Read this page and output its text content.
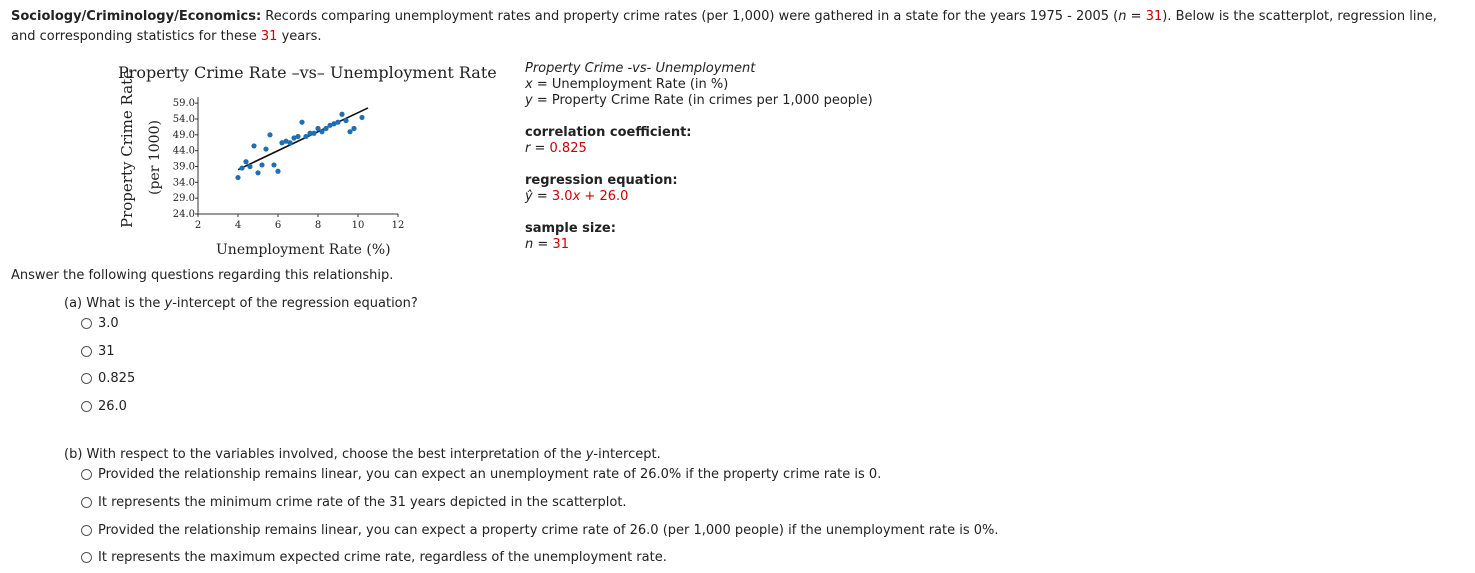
Sociology/Criminology/Economics: Records comparing unemployment rates and property crime rates (per 1,000) were gathered in a state for the years 1975 - 2005 (n = 31). Below is the scatterplot, regression line,
and corresponding statistics for these 31 years.
Property Crime Rate –vs– Unemployment Rate
Property Crime Rate (per 1000)
Unemployment Rate (%)
24.0
29.0
34.0
39.0
44.0
49.0
54.0
59.0
2	4	6	8	10	12
Property Crime -vs- Unemployment
x = Unemployment Rate (in %)
y = Property Crime Rate (in crimes per 1,000 people)
correlation coefficient:
r = 0.825
regression equation:
ŷ = 3.0x + 26.0
sample size:
n = 31
Answer the following questions regarding this relationship.
(a) What is the y-intercept of the regression equation?
3.0
31
0.825
26.0
(b) With respect to the variables involved, choose the best interpretation of the y-intercept.
Provided the relationship remains linear, you can expect an unemployment rate of 26.0% if the property crime rate is 0.
It represents the minimum crime rate of the 31 years depicted in the scatterplot.
Provided the relationship remains linear, you can expect a property crime rate of 26.0 (per 1,000 people) if the unemployment rate is 0%.
It represents the maximum expected crime rate, regardless of the unemployment rate.
